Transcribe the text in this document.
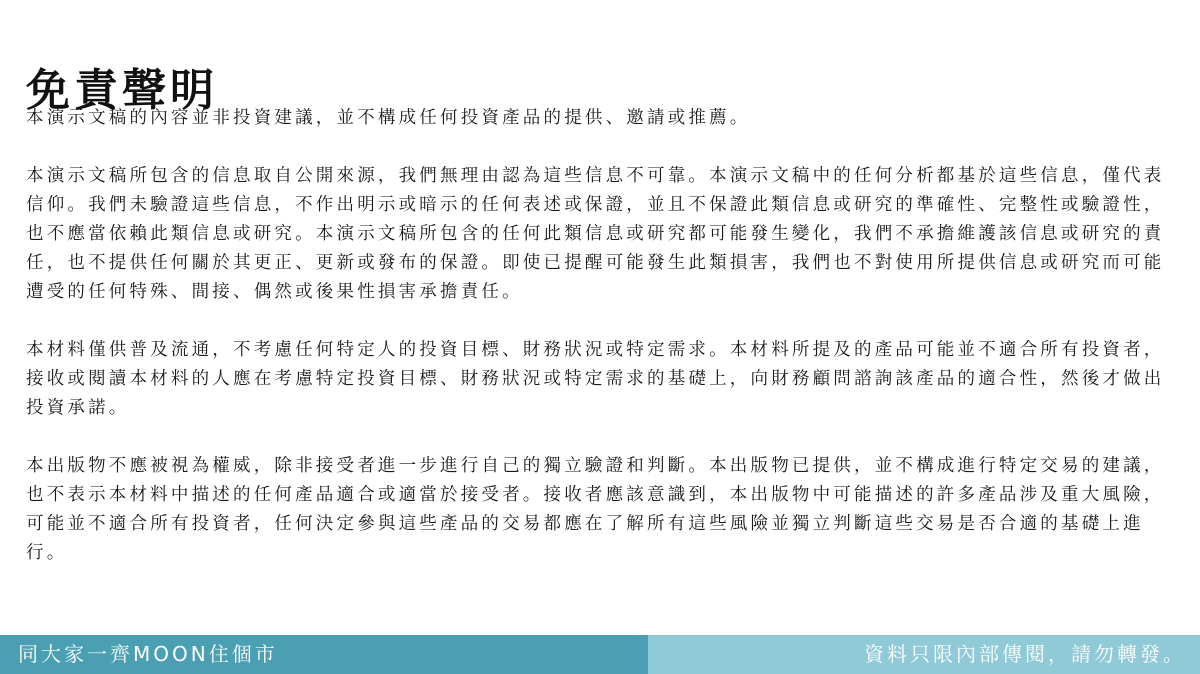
免責聲明

本演示文稿的內容並非投資建議，並不構成任何投資產品的提供、邀請或推薦。

本演示文稿所包含的信息取自公開來源，我們無理由認為這些信息不可靠。本演示文稿中的任何分析都基於這些信息，僅代表信仰。我們未驗證這些信息，不作出明示或暗示的任何表述或保證，並且不保證此類信息或研究的準確性、完整性或驗證性，也不應當依賴此類信息或研究。本演示文稿所包含的任何此類信息或研究都可能發生變化，我們不承擔維護該信息或研究的責任，也不提供任何關於其更正、更新或發布的保證。即使已提醒可能發生此類損害，我們也不對使用所提供信息或研究而可能遭受的任何特殊、間接、偶然或後果性損害承擔責任。

本材料僅供普及流通，不考慮任何特定人的投資目標、財務狀況或特定需求。本材料所提及的產品可能並不適合所有投資者，接收或閱讀本材料的人應在考慮特定投資目標、財務狀況或特定需求的基礎上，向財務顧問諮詢該產品的適合性，然後才做出投資承諾。

本出版物不應被視為權威，除非接受者進一步進行自己的獨立驗證和判斷。本出版物已提供，並不構成進行特定交易的建議，也不表示本材料中描述的任何產品適合或適當於接受者。接收者應該意識到，本出版物中可能描述的許多產品涉及重大風險，可能並不適合所有投資者，任何決定參與這些產品的交易都應在了解所有這些風險並獨立判斷這些交易是否合適的基礎上進行。

同大家一齊MOON住個市	資料只限內部傳閱，請勿轉發。
